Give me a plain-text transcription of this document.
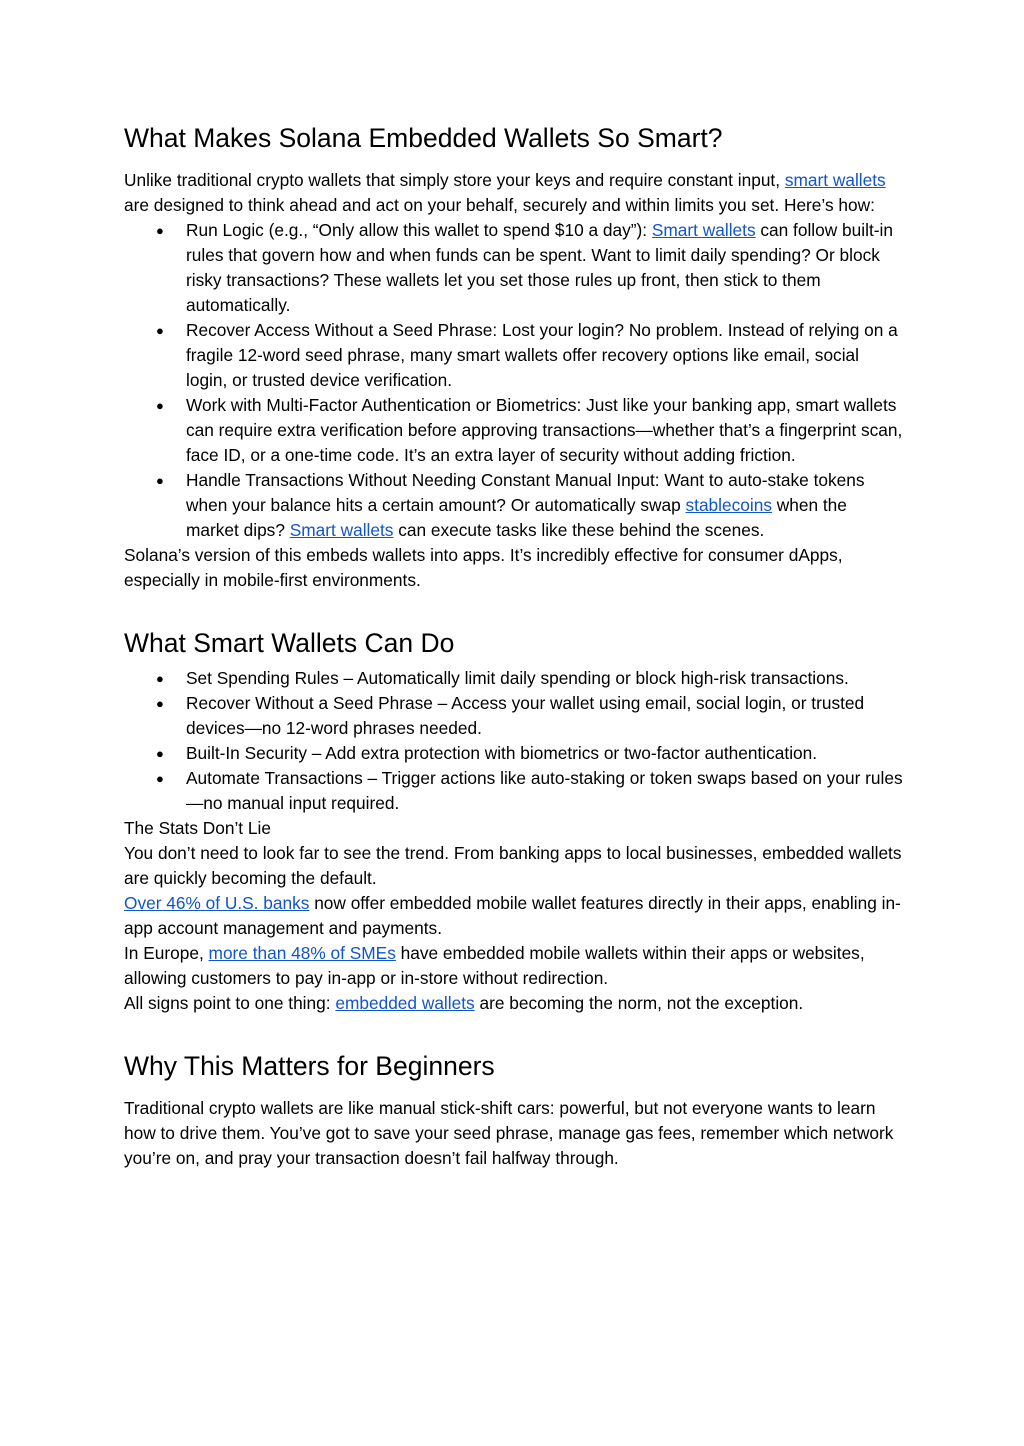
What Makes Solana Embedded Wallets So Smart?

Unlike traditional crypto wallets that simply store your keys and require constant input, smart wallets are designed to think ahead and act on your behalf, securely and within limits you set. Here’s how:

● Run Logic (e.g., “Only allow this wallet to spend $10 a day”): Smart wallets can follow built-in rules that govern how and when funds can be spent. Want to limit daily spending? Or block risky transactions? These wallets let you set those rules up front, then stick to them automatically.
● Recover Access Without a Seed Phrase: Lost your login? No problem. Instead of relying on a fragile 12-word seed phrase, many smart wallets offer recovery options like email, social login, or trusted device verification.
● Work with Multi-Factor Authentication or Biometrics: Just like your banking app, smart wallets can require extra verification before approving transactions—whether that’s a fingerprint scan, face ID, or a one-time code. It’s an extra layer of security without adding friction.
● Handle Transactions Without Needing Constant Manual Input: Want to auto-stake tokens when your balance hits a certain amount? Or automatically swap stablecoins when the market dips? Smart wallets can execute tasks like these behind the scenes.

Solana’s version of this embeds wallets into apps. It’s incredibly effective for consumer dApps, especially in mobile-first environments.

What Smart Wallets Can Do
● Set Spending Rules – Automatically limit daily spending or block high-risk transactions.
● Recover Without a Seed Phrase – Access your wallet using email, social login, or trusted devices—no 12-word phrases needed.
● Built-In Security – Add extra protection with biometrics or two-factor authentication.
● Automate Transactions – Trigger actions like auto-staking or token swaps based on your rules—no manual input required.

The Stats Don’t Lie

You don’t need to look far to see the trend. From banking apps to local businesses, embedded wallets are quickly becoming the default.

Over 46% of U.S. banks now offer embedded mobile wallet features directly in their apps, enabling in-app account management and payments.

In Europe, more than 48% of SMEs have embedded mobile wallets within their apps or websites, allowing customers to pay in-app or in-store without redirection.

All signs point to one thing: embedded wallets are becoming the norm, not the exception.

Why This Matters for Beginners

Traditional crypto wallets are like manual stick-shift cars: powerful, but not everyone wants to learn how to drive them. You’ve got to save your seed phrase, manage gas fees, remember which network you’re on, and pray your transaction doesn’t fail halfway through.
